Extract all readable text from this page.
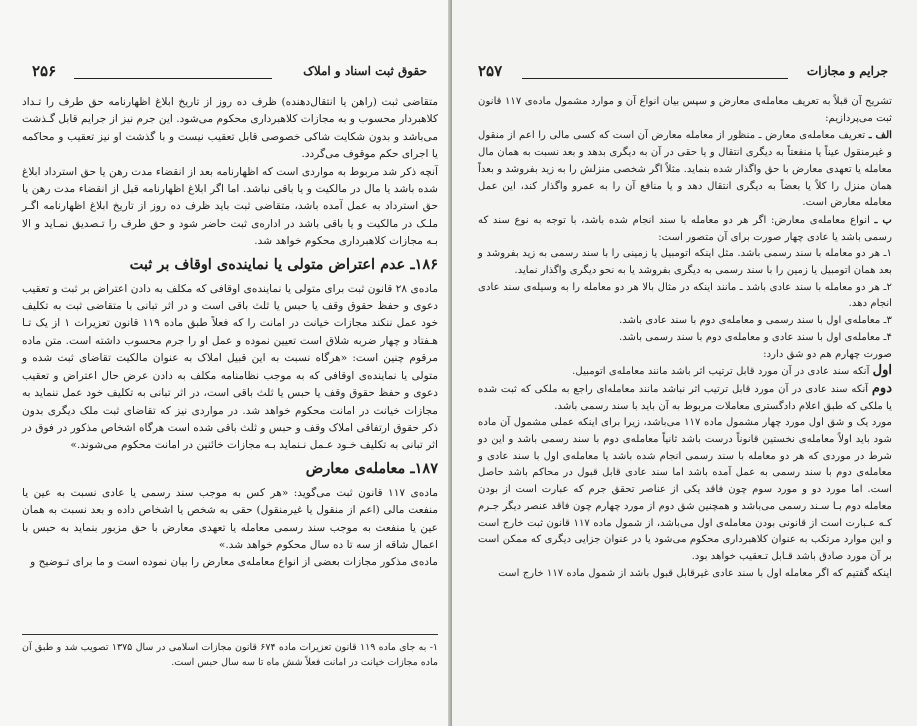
حقوق ثبت اسناد و املاک
۲۵۶

متقاضی ثبت (راهن یا انتقال‌دهنده) ظرف ده روز از تاریخ ابلاغ اظهارنامه حق طرف را تـداد کلاهبردار محسوب و به مجازات کلاهبرداری محکوم می‌شود. این جرم نیز از جرایم قابل گـذشت می‌باشد و بدون شکایت شاکی خصوصی قابل تعقیب نیست و با گذشت او نیز تعقیب و محاکمه یا اجرای حکم موقوف می‌گردد.

آنچه ذکر شد مربوط به مواردی است که اظهارنامه بعد از انقضاء مدت رهن یا حق استرداد ابلاغ شده باشد یا مال در مالکیت و یا باقی نباشد. اما اگر ابلاغ اظهارنامه قبل از انقضاء مدت رهن یا حق استرداد به عمل آمده باشد، متقاضی ثبت باید ظرف ده روز از تاریخ ابلاغ اظهارنامه اگـر ملـک در مالکیت و یا باقی باشد در اداره‌ی ثبت حاضر شود و حق طرف را تـصدیق نمـاید و الا بـه مجازات کلاهبرداری محکوم خواهد شد.

۱۸۶ـ عدم اعتراض متولی یا نماینده‌ی اوقاف بر ثبت

ماده‌ی ۲۸ قانون ثبت برای متولی یا نماینده‌ی اوقافی که مکلف به دادن اعتراض بر ثبت و تعقیب دعوی و حفظ حقوق وقف یا حبس یا ثلث باقی است و در اثر تبانی با متقاضی ثبت به تکلیف خود عمل ننکند مجازات خیانت در امانت را که فعلاً طبق ماده ۱۱۹ قانون تعزیرات ۱ از یک تـا هـفتاد و چهار ضربه شلاق است تعیین نموده و عمل او را جرم محسوب داشته است. متن ماده مرقوم چنین است: «هرگاه نسبت به این قبیل املاک به عنوان مالکیت تقاضای ثبت شده و متولی یا نماینده‌ی اوقافی که به موجب نظامنامه مکلف به دادن عرض حال اعتراض و تعقیب دعوی و حفظ حقوق وقف یا حبس یا ثلث باقی است، در اثر تبانی به تکلیف خود عمل ننماید به مجازات خیانت در امانت محکوم خواهد شد. در مواردی نیز که تقاضای ثبت ملک دیگری بدون ذکر حقوق ارتفاقی املاک وقف و حبس و ثلث باقی شده است هرگاه اشخاص مذکور در فوق در اثر تبانی به تکلیف خـود عـمل نـنماید بـه مجازات خائنین در امانت محکوم می‌شوند.»

۱۸۷ـ معامله‌ی معارض

ماده‌ی ۱۱۷ قانون ثبت می‌گوید: «هر کس به موجب سند رسمی یا عادی نسبت به عین یا منفعت مالی (اعم از منقول یا غیرمنقول) حقی به شخص یا اشخاص داده و بعد نسبت به همان عین یا منفعت به موجب سند رسمی معامله یا تعهدی معارض با حق مزبور بنماید به حبس با اعمال شاقه از سه تا ده سال محکوم خواهد شد.»

ماده‌ی مذکور مجازات بعضی از انواع معامله‌ی معارض را بیان نموده است و ما برای تـوضیح و

۱- به جای ماده ۱۱۹ قانون تعزیرات ماده ۶۷۴ قانون مجازات اسلامی در سال ۱۳۷۵ تصویب شد و طبق آن ماده مجازات خیانت در امانت فعلاً شش ماه تا سه سال حبس است.
جرایم و مجازات
۲۵۷

تشریح آن قبلاً به تعریف معامله‌ی معارض و سپس بیان انواع آن و موارد مشمول ماده‌ی ۱۱۷ قانون ثبت می‌پردازیم:

الف ـ تعریف معامله‌ی معارض ـ منظور از معامله معارض آن است که کسی مالی را اعم از منقول و غیرمنقول عیناً یا منفعتاً به دیگری انتقال و یا حقی در آن به دیگری بدهد و بعد نسبت به همان مال معامله یا تعهدی معارض با حق واگذار شده بنماید. مثلاً اگر شخصی منزلش را به زید بفروشد و بعداً همان منزل را کلاً یا بعضاً به دیگری انتقال دهد و یا منافع آن را به عمرو واگذار کند، این عمل معامله معارض است.

ب ـ انواع معامله‌ی معارض: اگر هر دو معامله با سند انجام شده باشد، با توجه به نوع سند که رسمی باشد یا عادی چهار صورت برای آن متصور است:

۱ـ هر دو معامله با سند رسمی باشد. مثل اینکه اتومبیل یا زمینی را با سند رسمی به زید بفروشد و بعد همان اتومبیل یا زمین را با سند رسمی به دیگری بفروشد یا به نحو دیگری واگذار نماید.

۲ـ هر دو معامله با سند عادی باشد ـ مانند اینکه در مثال بالا هر دو معامله را به وسیله‌ی سند عادی انجام دهد.

۳ـ معامله‌ی اول با سند رسمی و معامله‌ی دوم با سند عادی باشد.

۴ـ معامله‌ی اول با سند عادی و معامله‌ی دوم با سند رسمی باشد.

صورت چهارم هم دو شق دارد:

اول آنکه سند عادی در آن مورد قابل ترتیب اثر باشد مانند معامله‌ی اتومبیل.

دوم آنکه سند عادی در آن مورد قابل ترتیب اثر نباشد مانند معامله‌ای راجع به ملکی که ثبت شده یا ملکی که طبق اعلام دادگستری معاملات مربوط به آن باید با سند رسمی باشد.

مورد یک و شق اول مورد چهار مشمول ماده ۱۱۷ می‌باشد، زیرا برای اینکه عملی مشمول آن ماده شود باید اولاً معامله‌ی نخستین قانوناً درست باشد ثانیاً معامله‌ی دوم با سند رسمی باشد و این دو شرط در موردی که هر دو معامله با سند رسمی انجام شده باشد یا معامله‌ی اول با سند عادی و معامله‌ی دوم با سند رسمی به عمل آمده باشد اما سند عادی قابل قبول در محاکم باشد حاصل است. اما مورد دو و مورد سوم چون فاقد یکی از عناصر تحقق جرم که عبارت است از بودن معامله دوم بـا سـند رسمی می‌باشد و همچنین شق دوم از مورد چهارم چون فاقد عنصر دیگر جـرم کـه عـبارت است از قانونی بودن معامله‌ی اول می‌باشد، از شمول ماده ۱۱۷ قانون ثبت خارج است و این موارد مرتکب به عنوان کلاهبرداری محکوم می‌شود یا در عنوان جزایی دیگری که ممکن است بر آن مورد صادق باشد قـابل تـعقیب خواهد بود.

اینکه گفتیم که اگر معامله اول با سند عادی غیرقابل قبول باشد از شمول ماده ۱۱۷ خارج است
